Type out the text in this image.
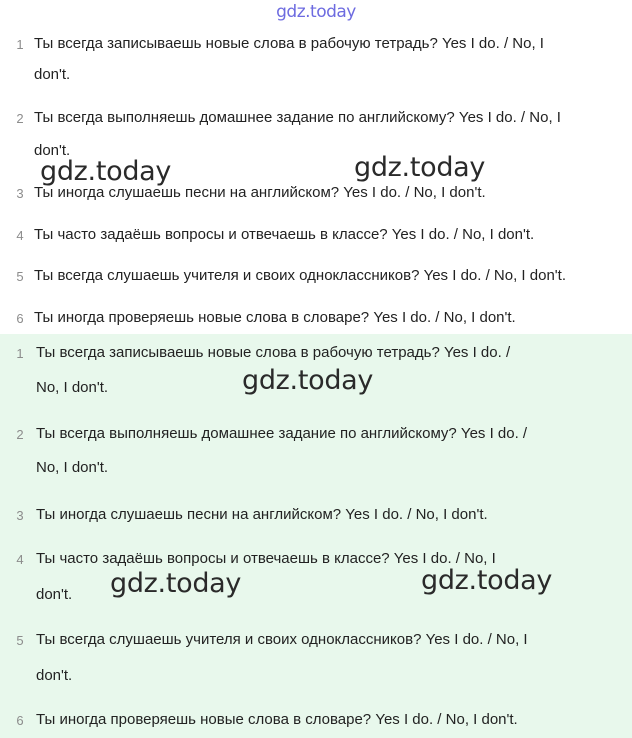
gdz.today
1 Ты всегда записываешь новые слова в рабочую тетрадь? Yes I do. / No, I
don't.
2 Ты всегда выполняешь домашнее задание по английскому? Yes I do. / No, I
don't.
3 Ты иногда слушаешь песни на английском? Yes I do. / No, I don't.
4 Ты часто задаёшь вопросы и отвечаешь в классе? Yes I do. / No, I don't.
5 Ты всегда слушаешь учителя и своих одноклассников? Yes I do. / No, I don't.
6 Ты иногда проверяешь новые слова в словаре? Yes I do. / No, I don't.
1 Ты всегда записываешь новые слова в рабочую тетрадь? Yes I do. /
No, I don't.
2 Ты всегда выполняешь домашнее задание по английскому? Yes I do. /
No, I don't.
3 Ты иногда слушаешь песни на английском? Yes I do. / No, I don't.
4 Ты часто задаёшь вопросы и отвечаешь в классе? Yes I do. / No, I
don't.
5 Ты всегда слушаешь учителя и своих одноклассников? Yes I do. / No, I
don't.
6 Ты иногда проверяешь новые слова в словаре? Yes I do. / No, I don't.
gdz.today	gdz.today
gdz.today
gdz.today	gdz.today
